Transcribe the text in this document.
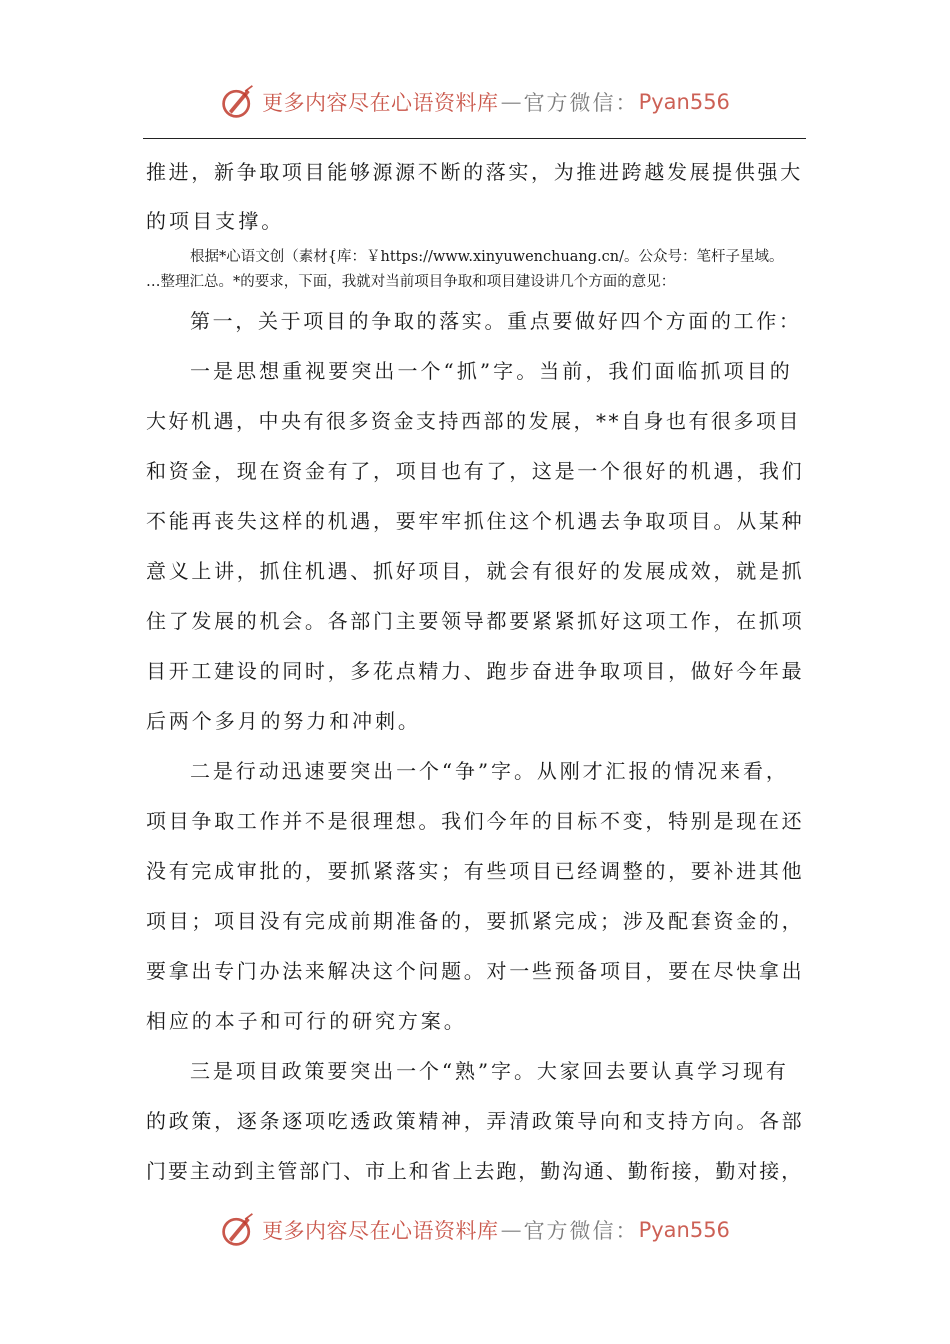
更多内容尽在心语资料库 — 官方微信： Pyan556
推进，新争取项目能够源源不断的落实，为推进跨越发展提供强大
的项目支撑。
根据*心语文创（素材{库：￥https://www.xinyuwenchuang.cn/。公众号：笔杆子星域。
…整理汇总。*的要求，下面，我就对当前项目争取和项目建设讲几个方面的意见：
第一，关于项目的争取的落实。重点要做好四个方面的工作：
一是思想重视要突出一个“抓”字。当前，我们面临抓项目的
大好机遇，中央有很多资金支持西部的发展，**自身也有很多项目
和资金，现在资金有了，项目也有了，这是一个很好的机遇，我们
不能再丧失这样的机遇，要牢牢抓住这个机遇去争取项目。从某种
意义上讲，抓住机遇、抓好项目，就会有很好的发展成效，就是抓
住了发展的机会。各部门主要领导都要紧紧抓好这项工作，在抓项
目开工建设的同时，多花点精力、跑步奋进争取项目，做好今年最
后两个多月的努力和冲刺。
二是行动迅速要突出一个“争”字。从刚才汇报的情况来看，
项目争取工作并不是很理想。我们今年的目标不变，特别是现在还
没有完成审批的，要抓紧落实；有些项目已经调整的，要补进其他
项目；项目没有完成前期准备的，要抓紧完成；涉及配套资金的，
要拿出专门办法来解决这个问题。对一些预备项目，要在尽快拿出
相应的本子和可行的研究方案。
三是项目政策要突出一个“熟”字。大家回去要认真学习现有
的政策，逐条逐项吃透政策精神，弄清政策导向和支持方向。各部
门要主动到主管部门、市上和省上去跑，勤沟通、勤衔接，勤对接，
更多内容尽在心语资料库 — 官方微信： Pyan556
